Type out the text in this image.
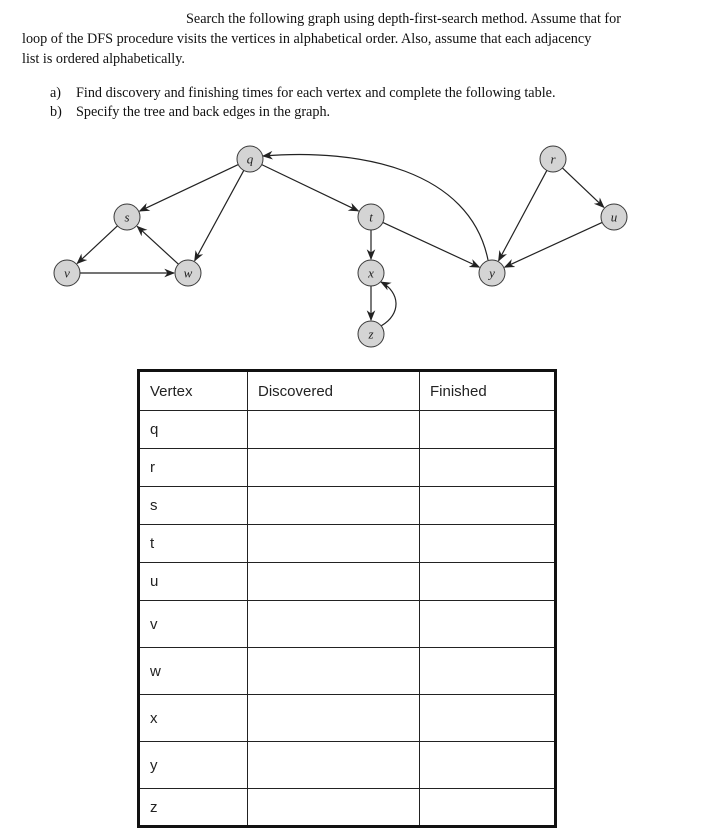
Search the following graph using depth-first-search method. Assume that for
loop of the DFS procedure visits the vertices in alphabetical order. Also, assume that each adjacency
list is ordered alphabetically.

a) Find discovery and finishing times for each vertex and complete the following table.
b) Specify the tree and back edges in the graph.
q	r
s	t	u
v	w	x	y
z
Vertex	Discovered	Finished
q		
r		
s		
t		
u		
v		
w		
x		
y		
z		
